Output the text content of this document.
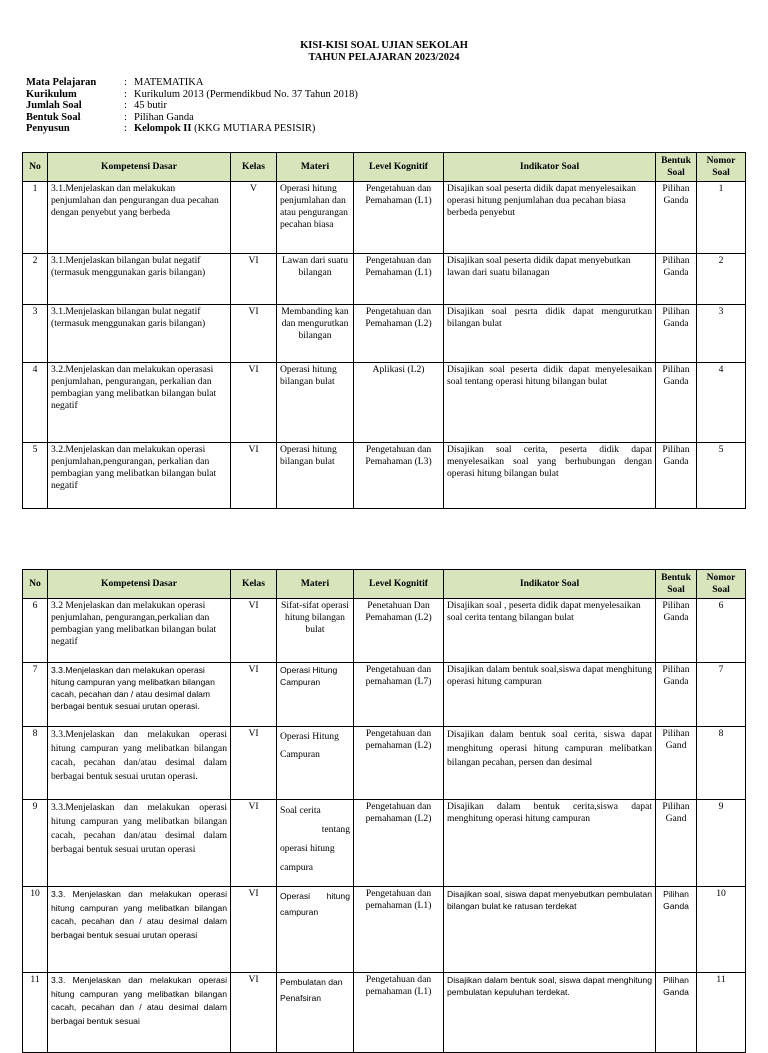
KISI-KISI SOAL UJIAN SEKOLAH
TAHUN PELAJARAN 2023/2024
Mata Pelajaran	: MATEMATIKA
Kurikulum	: Kurikulum 2013 (Permendikbud No. 37 Tahun 2018)
Jumlah Soal	: 45 butir
Bentuk Soal	: Pilihan Ganda
Penyusun	: Kelompok II (KKG MUTIARA PESISIR)
No	Kompetensi Dasar	Kelas	Materi	Level Kognitif	Indikator Soal	Bentuk Soal	Nomor Soal
1	3.1.Menjelaskan dan melakukan penjumlahan dan pengurangan dua pecahan dengan penyebut yang berbeda	V	Operasi hitung penjumlahan dan atau pengurangan pecahan biasa	Pengetahuan dan Pemahaman (L1)	Disajikan soal peserta didik dapat menyelesaikan operasi hitung penjumlahan dua pecahan biasa berbeda penyebut	Pilihan Ganda	1
2	3.1.Menjelaskan bilangan bulat negatif (termasuk menggunakan garis bilangan)	VI	Lawan dari suatu bilangan	Pengetahuan dan Pemahaman (L1)	Disajikan soal peserta didik dapat menyebutkan lawan dari suatu bilanagan	Pilihan Ganda	2
3	3.1.Menjelaskan bilangan bulat negatif (termasuk menggunakan garis bilangan)	VI	Membanding kan dan mengurutkan bilangan	Pengetahuan dan Pemahaman (L2)	Disajikan soal pesrta didik dapat mengurutkan bilangan bulat	Pilihan Ganda	3
4	3.2.Menjelaskan dan melakukan operasasi penjumlahan, pengurangan, perkalian dan pembagian yang melibatkan bilangan bulat negatif	VI	Operasi hitung bilangan bulat	Aplikasi (L2)	Disajikan soal peserta didik dapat menyelesaikan soal tentang operasi hitung bilangan bulat	Pilihan Ganda	4
5	3.2.Menjelaskan dan melakukan operasi penjumlahan,pengurangan, perkalian dan pembagian yang melibatkan bilangan bulat negatif	VI	Operasi hitung bilangan bulat	Pengetahuan dan Pemahaman (L3)	Disajikan soal cerita, peserta didik dapat menyelesaikan soal yang berhubungan dengan operasi hitung bilangan bulat	Pilihan Ganda	5
No	Kompetensi Dasar	Kelas	Materi	Level Kognitif	Indikator Soal	Bentuk Soal	Nomor Soal
6	3.2 Menjelaskan dan melakukan operasi penjumlahan, pengurangan,perkalian dan pembagian yang melibatkan bilangan bulat negatif	VI	Sifat-sifat operasi hitung bilangan bulat	Penetahuan Dan Pemahaman (L2)	Disajikan soal , peserta didik dapat menyelesaikan soal cerita tentang bilangan bulat	Pilihan Ganda	6
7	3.3.Menjelaskan dan melakukan operasi hitung campuran yang melibatkan bilangan cacah, pecahan dan / atau desimal dalam berbagai bentuk sesuai urutan operasi.	VI	Operasi Hitung Campuran	Pengetahuan dan pemahaman (L7)	Disajikan dalam bentuk soal,siswa dapat menghitung operasi hitung campuran	Pilihan Ganda	7
8	3.3.Menjelaskan dan melakukan operasi hitung campuran yang melibatkan bilangan cacah, pecahan dan/atau desimal dalam berbagai bentuk sesuai urutan operasi.	VI	Operasi Hitung Campuran	Pengetahuan dan pemahaman (L2)	Disajikan dalam bentuk soal cerita, siswa dapat menghitung operasi hitung campuran melibatkan bilangan pecahan, persen dan desimal	Pilihan Gand	8
9	3.3.Menjelaskan dan melakukan operasi hitung campuran yang melibatkan bilangan cacah, pecahan dan/atau desimal dalam berbagai bentuk sesuai urutan operasi	VI	Soal cerita
tentang
operasi hitung
campura	Pengetahuan dan pemahaman (L2)	Disajikan dalam bentuk cerita,siswa dapat menghitung operasi hitung campuran	Pilihan Gand	9
10	3.3. Menjelaskan dan melakukan operasi hitung campuran yang melibatkan bilangan cacah, pecahan dan / atau desimal dalam berbagai bentuk sesuai urutan operasi	VI	Operasi hitung campuran	Pengetahuan dan pemahaman (L1)	Disajikan soal, siswa dapat menyebutkan pembulatan bilangan bulat ke ratusan terdekat	Pilihan Ganda	10
11	3.3. Menjelaskan dan melakukan operasi hitung campuran yang melibatkan bilangan cacah, pecahan dan / atau desimal dalam berbagai bentuk sesuai	VI	Pembulatan dan Penafsiran	Pengetahuan dan pemahaman (L1)	Disajikan dalam bentuk soal, siswa dapat menghitung pembulatan kepuluhan terdekat.	Pilihan Ganda	11
